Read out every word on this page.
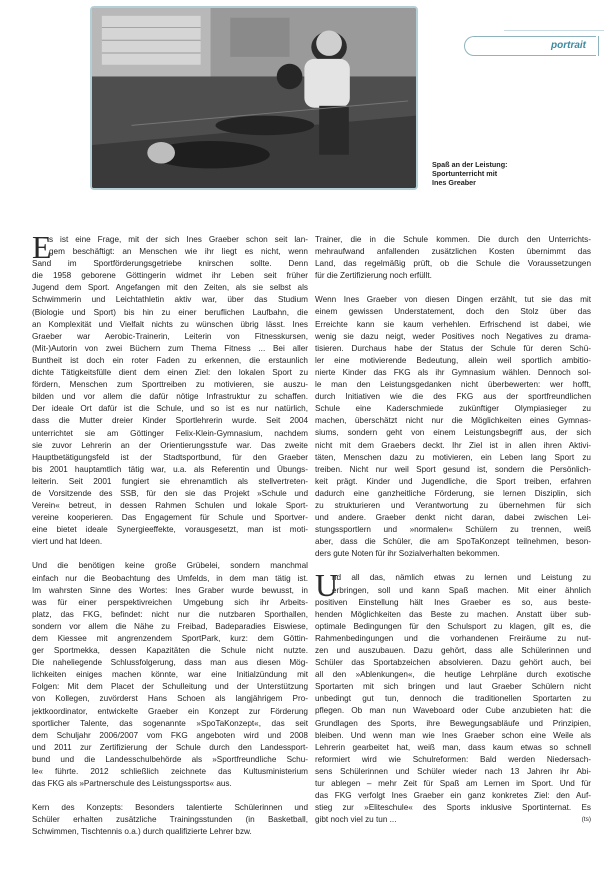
portrait
Spaß an der Leistung:
Sportunterricht mit
Ines Greaber
E
s ist eine Frage, mit der sich Ines Graeber schon seit lan-
gem beschäftigt: an Menschen wie ihr liegt es nicht, wenn
Sand im Sportförderungsgetriebe knirschen sollte. Denn
die 1958 geborene Göttingerin widmet ihr Leben seit früher
Jugend dem Sport. Angefangen mit den Zeiten, als sie selbst als
Schwimmerin und Leichtathletin aktiv war, über das Studium
(Biologie und Sport) bis hin zu einer beruflichen Laufbahn, die
an Komplexität und Vielfalt nichts zu wünschen übrig lässt. Ines
Graeber war Aerobic-Trainerin, Leiterin von Fitnesskursen,
(Mit-)Autorin von zwei Büchern zum Thema Fitness ... Bei aller
Buntheit ist doch ein roter Faden zu erkennen, die erstaunlich
dichte Tätigkeitsfülle dient dem einen Ziel: den lokalen Sport zu
fördern, Menschen zum Sporttreiben zu motivieren, sie auszu-
bilden und vor allem die dafür nötige Infrastruktur zu schaffen.
Der ideale Ort dafür ist die Schule, und so ist es nur natürlich,
dass die Mutter dreier Kinder Sportlehrerin wurde. Seit 2004
unterrichtet sie am Göttinger Felix-Klein-Gymnasium, nachdem
sie zuvor Lehrerin an der Orientierungsstufe war. Das zweite
Hauptbetätigungsfeld ist der Stadtsportbund, für den Graeber
bis 2001 hauptamtlich tätig war, u.a. als Referentin und Übungs-
leiterin. Seit 2001 fungiert sie ehrenamtlich als stellvertreten-
de Vorsitzende des SSB, für den sie das Projekt »Schule und
Verein« betreut, in dessen Rahmen Schulen und lokale Sport-
vereine kooperieren. Das Engagement für Schule und Sportver-
eine bietet ideale Synergieeffekte, vorausgesetzt, man ist moti-
viert und hat Ideen.
Und die benötigen keine große Grübelei, sondern manchmal
einfach nur die Beobachtung des Umfelds, in dem man tätig ist.
Im wahrsten Sinne des Wortes: Ines Graber wurde bewusst, in
was für einer perspektivreichen Umgebung sich ihr Arbeits-
platz, das FKG, befindet: nicht nur die nutzbaren Sporthallen,
sondern vor allem die Nähe zu Freibad, Badeparadies Eiswiese,
dem Kiessee mit angrenzendem SportPark, kurz: dem Göttin-
ger Sportmekka, dessen Kapazitäten die Schule nicht nutzte.
Die naheliegende Schlussfolgerung, dass man aus diesen Mög-
lichkeiten einiges machen könnte, war eine Initialzündung mit
Folgen: Mit dem Placet der Schulleitung und der Unterstützung
von Kollegen, zuvörderst Hans Schoen als langjährigem Pro-
jektkoordinator, entwickelte Graeber ein Konzept zur Förderung
sportlicher Talente, das sogenannte »SpoTaKonzept«, das seit
dem Schuljahr 2006/2007 vom FKG angeboten wird und 2008
und 2011 zur Zertifizierung der Schule durch den Landessport-
bund und die Landesschulbehörde als »Sportfreundliche Schu-
le« führte. 2012 schließlich zeichnete das Kultusministerium
das FKG als »Partnerschule des Leistungssports« aus.
Kern des Konzepts: Besonders talentierte Schülerinnen und
Schüler erhalten zusätzliche Trainingsstunden (in Basketball,
Schwimmen, Tischtennis o.a.) durch qualifizierte Lehrer bzw.
Trainer, die in die Schule kommen. Die durch den Unterrichts-
mehraufwand anfallenden zusätzlichen Kosten übernimmt das
Land, das regelmäßig prüft, ob die Schule die Voraussetzungen
für die Zertifizierung noch erfüllt.
Wenn Ines Graeber von diesen Dingen erzählt, tut sie das mit
einem gewissen Understatement, doch den Stolz über das
Erreichte kann sie kaum verhehlen. Erfrischend ist dabei, wie
wenig sie dazu neigt, weder Positives noch Negatives zu drama-
tisieren. Durchaus habe der Status der Schule für deren Schü-
ler eine motivierende Bedeutung, allein weil sportlich ambitio-
nierte Kinder das FKG als ihr Gymnasium wählen. Dennoch sol-
le man den Leistungsgedanken nicht überbewerten: wer hofft,
durch Initiativen wie die des FKG aus der sportfreundlichen
Schule eine Kaderschmiede zukünftiger Olympiasieger zu
machen, überschätzt nicht nur die Möglichkeiten eines Gymnas-
siums, sondern geht von einem Leistungsbegriff aus, der sich
nicht mit dem Graebers deckt. Ihr Ziel ist in allen ihren Aktivi-
täten, Menschen dazu zu motivieren, ein Leben lang Sport zu
treiben. Nicht nur weil Sport gesund ist, sondern die Persönlich-
keit prägt. Kinder und Jugendliche, die Sport treiben, erfahren
dadurch eine ganzheitliche Förderung, sie lernen Disziplin, sich
zu strukturieren und Verantwortung zu übernehmen für sich
und andere. Graeber denkt nicht daran, dabei zwischen Lei-
stungssportlern und »normalen« Schülern zu trennen, weiß
aber, dass die Schüler, die am SpoTaKonzept teilnehmen, beson-
ders gute Noten für ihr Sozialverhalten bekommen.
U
nd all das, nämlich etwas zu lernen und Leistung zu
erbringen, soll und kann Spaß machen. Mit einer ähnlich
positiven Einstellung hält Ines Graeber es so, aus beste-
henden Möglichkeiten das Beste zu machen. Anstatt über sub-
optimale Bedingungen für den Schulsport zu klagen, gilt es, die
Rahmenbedingungen und die vorhandenen Freiräume zu nut-
zen und auszubauen. Dazu gehört, dass alle Schülerinnen und
Schüler das Sportabzeichen absolvieren. Dazu gehört auch, bei
all den »Ablenkungen«, die heutige Lehrpläne durch exotische
Sportarten mit sich bringen und laut Graeber Schülern nicht
unbedingt gut tun, dennoch die traditionellen Sportarten zu
pflegen. Ob man nun Waveboard oder Cube anzubieten hat: die
Grundlagen des Sports, ihre Bewegungsabläufe und Prinzipien,
bleiben. Und wenn man wie Ines Graeber schon eine Weile als
Lehrerin gearbeitet hat, weiß man, dass kaum etwas so schnell
reformiert wird wie Schulreformen: Bald werden Niedersach-
sens Schülerinnen und Schüler wieder nach 13 Jahren ihr Abi-
tur ablegen – mehr Zeit für Spaß am Lernen im Sport. Und für
das FKG verfolgt Ines Graeber ein ganz konkretes Ziel: den Auf-
stieg zur »Eliteschule« des Sports inklusive Sportinternat. Es
gibt noch viel zu tun ...	(ts)
